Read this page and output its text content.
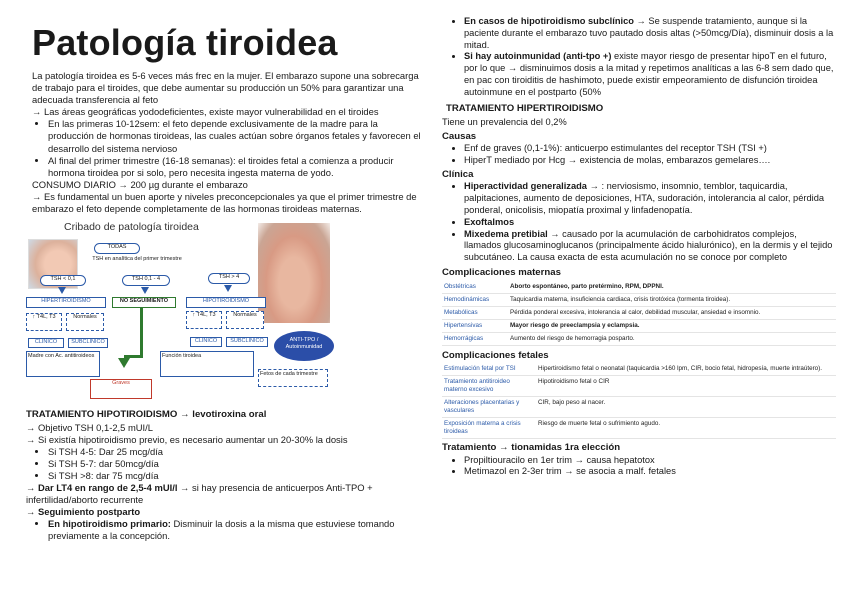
Patología tiroidea

La patología tiroidea es 5-6 veces más frec en la mujer. El embarazo supone una sobrecarga de trabajo para el tiroides, que debe aumentar su producción un 50% para garantizar una adecuada transferencia al feto

→ Las áreas geográficas yododeficientes, existe mayor vulnerabilidad en el tiroides

• En las primeras 10-12sem: el feto depende exclusivamente de la madre para la producción de hormonas tiroideas, las cuales actúan sobre órganos fetales y favorecen el desarrollo del sistema nervioso
• Al final del primer trimestre (16-18 semanas): el tiroides fetal a comienza a producir hormona tiroidea por si solo, pero necesita ingesta materna de yodo.

CONSUMO DIARIO → 200 µg durante el embarazo

→ Es fundamental un buen aporte y niveles preconcepcionales ya que el primer trimestre de embarazo el feto depende completamente de las hormonas tiroideas maternas.

Cribado de patología tiroidea
TODAS
TSH en analítica del primer trimestre
TSH < 0,1	TSH 0,1 - 4	TSH > 4
HIPERTIROIDISMO	NO SEGUIMIENTO	HIPOTIROIDISMO
↑ T4L, T3	Normales	↑ T4L, T3	Normales
CLÍNICO	SUBCLÍNICO	CLÍNICO	SUBCLÍNICO	ANTI-TPO / Autoinmunidad
Madre con Ac. antitiroideos	Función tiroidea
Fetos de cada trimestre
Graves

TRATAMIENTO HIPOTIROIDISMO → levotiroxina oral

→ Objetivo TSH 0,1-2,5 mUI/L

→ Si existía hipotiroidismo previo, es necesario aumentar un 20-30% la dosis

• Si TSH 4-5: Dar 25 mcg/día
• Si TSH 5-7: dar 50mcg/día
• Si TSH >8: dar 75 mcg/día

→ Dar LT4 en rango de 2,5-4 mUI/l → si hay presencia de anticuerpos Anti-TPO + infertilidad/aborto recurrente

→ Seguimiento postparto

• En hipotiroidismo primario: Disminuir la dosis a la misma que estuviese tomando previamente a la concepción.
• En casos de hipotiroidismo subclínico → Se suspende tratamiento, aunque si la paciente durante el embarazo tuvo pautado dosis altas (>50mcg/Día), disminuir dosis a la mitad.
• Si hay autoinmunidad (anti-tpo +) existe mayor riesgo de presentar hipoT en el futuro, por lo que → disminuimos dosis a la mitad y repetimos analíticas a las 6-8 sem dado que, en pac con tiroiditis de hashimoto, puede existir empeoramiento de disfunción tiroidea autoinmune en el postparto (50%

TRATAMIENTO HIPERTIROIDISMO

Tiene un prevalencia del 0,2%

Causas

• Enf de graves (0,1-1%): anticuerpo estimulantes del receptor TSH (TSI +)
• HiperT mediado por Hcg → existencia de molas, embarazos gemelares….

Clínica

• Hiperactividad generalizada → : nerviosismo, insomnio, temblor, taquicardia, palpitaciones, aumento de deposiciones, HTA, sudoración, intolerancia al calor, pérdida ponderal, onicolisis, miopatía proximal y linfadenopatía.
• Exoftalmos
• Mixedema pretibial → causado por la acumulación de carbohidratos complejos, llamados glucosaminoglucanos (principalmente ácido hialurónico), en la dermis y el tejido subcutáneo. La causa exacta de esta acumulación no se conoce por completo

Complicaciones maternas

Obstétricas	Aborto espontáneo, parto pretérmino, RPM, DPPNI.
Hemodinámicas	Taquicardia materna, insuficiencia cardiaca, crisis tirotóxica (tormenta tiroidea).
Metabólicas	Pérdida ponderal excesiva, intolerancia al calor, debilidad muscular, ansiedad e insomnio.
Hipertensivas	Mayor riesgo de preeclampsia y eclampsia.
Hemorrágicas	Aumento del riesgo de hemorragia posparto.

Complicaciones fetales

Estimulación fetal por TSI	Hipertiroidismo fetal o neonatal (taquicardia >160 lpm, CIR, bocio fetal, hidropesía, muerte intraútero).
Tratamiento antitiroideo materno excesivo	Hipotiroidismo fetal o CIR
Alteraciones placentarias y vasculares	CIR, bajo peso al nacer.
Exposición materna a crisis tiroideas	Riesgo de muerte fetal o sufrimiento agudo.

Tratamiento → tionamidas 1ra elección

• Propiltiouracilo en 1er trim → causa hepatotox
• Metimazol en 2-3er trim → se asocia a malf. fetales
